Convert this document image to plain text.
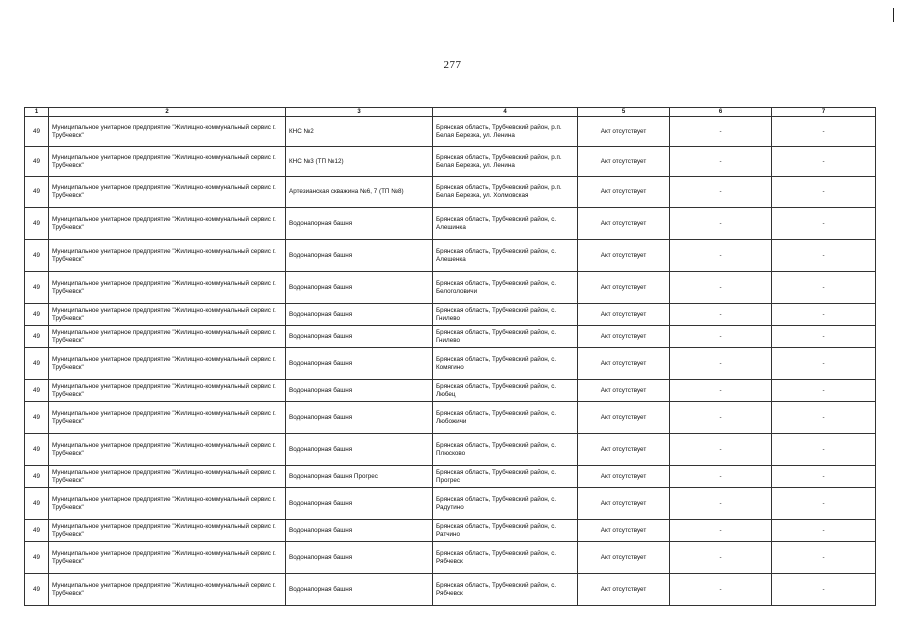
277
1	2	3	4	5	6	7
49	Муниципальное унитарное предприятие "Жилищно-коммунальный сервис г. Трубчевск"	КНС №2	Брянская область, Трубчевский район, р.п. Белая Березка, ул. Ленина	Акт отсутствует	-	-
49	Муниципальное унитарное предприятие "Жилищно-коммунальный сервис г. Трубчевск"	КНС №3 (ТП №12)	Брянская область, Трубчевский район, р.п. Белая Березка, ул. Ленина	Акт отсутствует	-	-
49	Муниципальное унитарное предприятие "Жилищно-коммунальный сервис г. Трубчевск"	Артезианская скважина №6, 7 (ТП №8)	Брянская область, Трубчевский район, р.п. Белая Березка, ул. Холмовская	Акт отсутствует	-	-
49	Муниципальное унитарное предприятие "Жилищно-коммунальный сервис г. Трубчевск"	Водонапорная башня	Брянская область, Трубчевский район, с. Алешинка	Акт отсутствует	-	-
49	Муниципальное унитарное предприятие "Жилищно-коммунальный сервис г. Трубчевск"	Водонапорная башня	Брянская область, Трубчевский район, с. Алешенка	Акт отсутствует	-	-
49	Муниципальное унитарное предприятие "Жилищно-коммунальный сервис г. Трубчевск"	Водонапорная башня	Брянская область, Трубчевский район, с. Белоголовичи	Акт отсутствует	-	-
49	Муниципальное унитарное предприятие "Жилищно-коммунальный сервис г. Трубчевск"	Водонапорная башня	Брянская область, Трубчевский район, с. Гнилево	Акт отсутствует	-	-
49	Муниципальное унитарное предприятие "Жилищно-коммунальный сервис г. Трубчевск"	Водонапорная башня	Брянская область, Трубчевский район, с. Гнилево	Акт отсутствует	-	-
49	Муниципальное унитарное предприятие "Жилищно-коммунальный сервис г. Трубчевск"	Водонапорная башня	Брянская область, Трубчевский район, с. Комягино	Акт отсутствует	-	-
49	Муниципальное унитарное предприятие "Жилищно-коммунальный сервис г. Трубчевск"	Водонапорная башня	Брянская область, Трубчевский район, с. Любец	Акт отсутствует	-	-
49	Муниципальное унитарное предприятие "Жилищно-коммунальный сервис г. Трубчевск"	Водонапорная башня	Брянская область, Трубчевский район, с. Любожичи	Акт отсутствует	-	-
49	Муниципальное унитарное предприятие "Жилищно-коммунальный сервис г. Трубчевск"	Водонапорная башня	Брянская область, Трубчевский район, с. Плюсково	Акт отсутствует	-	-
49	Муниципальное унитарное предприятие "Жилищно-коммунальный сервис г. Трубчевск"	Водонапорная башня Прогрес	Брянская область, Трубчевский район, с. Прогрес	Акт отсутствует	-	-
49	Муниципальное унитарное предприятие "Жилищно-коммунальный сервис г. Трубчевск"	Водонапорная башня	Брянская область, Трубчевский район, с. Радутино	Акт отсутствует	-	-
49	Муниципальное унитарное предприятие "Жилищно-коммунальный сервис г. Трубчевск"	Водонапорная башня	Брянская область, Трубчевский район, с. Ратчино	Акт отсутствует	-	-
49	Муниципальное унитарное предприятие "Жилищно-коммунальный сервис г. Трубчевск"	Водонапорная башня	Брянская область, Трубчевский район, с. Рябчевск	Акт отсутствует	-	-
49	Муниципальное унитарное предприятие "Жилищно-коммунальный сервис г. Трубчевск"	Водонапорная башня	Брянская область, Трубчевский район, с. Рябчевск	Акт отсутствует	-	-
